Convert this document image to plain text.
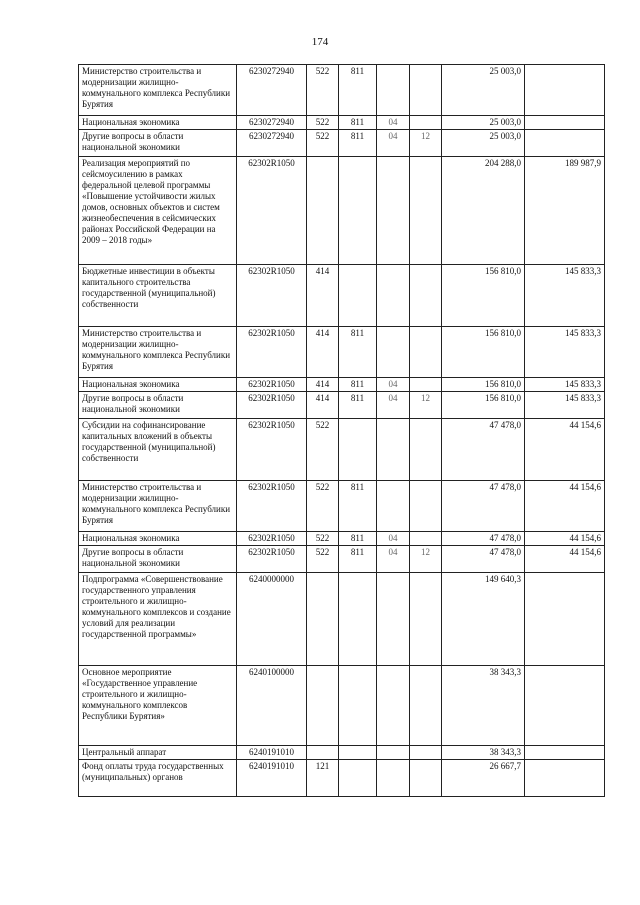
174
Министерство строительства и модернизации жилищно-коммунального комплекса Республики Бурятия	6230272940	522	811			25 003,0	
Национальная экономика	6230272940	522	811	04		25 003,0	
Другие вопросы в области национальной экономики	6230272940	522	811	04	12	25 003,0	
Реализация мероприятий по сейсмоусилению в рамках федеральной целевой программы «Повышение устойчивости жилых домов, основных объектов и систем жизнеобеспечения в сейсмических районах Российской Федерации на 2009 – 2018 годы»	62302R1050					204 288,0	189 987,9
Бюджетные инвестиции в объекты капитального строительства государственной (муниципальной) собственности	62302R1050	414				156 810,0	145 833,3
Министерство строительства и модернизации жилищно-коммунального комплекса Республики Бурятия	62302R1050	414	811			156 810,0	145 833,3
Национальная экономика	62302R1050	414	811	04		156 810,0	145 833,3
Другие вопросы в области национальной экономики	62302R1050	414	811	04	12	156 810,0	145 833,3
Субсидии на софинансирование капитальных вложений в объекты государственной (муниципальной) собственности	62302R1050	522				47 478,0	44 154,6
Министерство строительства и модернизации жилищно-коммунального комплекса Республики Бурятия	62302R1050	522	811			47 478,0	44 154,6
Национальная экономика	62302R1050	522	811	04		47 478,0	44 154,6
Другие вопросы в области национальной экономики	62302R1050	522	811	04	12	47 478,0	44 154,6
Подпрограмма «Совершенствование государственного управления строительного и жилищно-коммунального комплексов и создание условий для реализации государственной программы»	6240000000					149 640,3	
Основное мероприятие «Государственное управление строительного и жилищно-коммунального комплексов Республики Бурятия»	6240100000					38 343,3	
Центральный аппарат	6240191010					38 343,3	
Фонд оплаты труда государственных (муниципальных) органов	6240191010	121				26 667,7	
